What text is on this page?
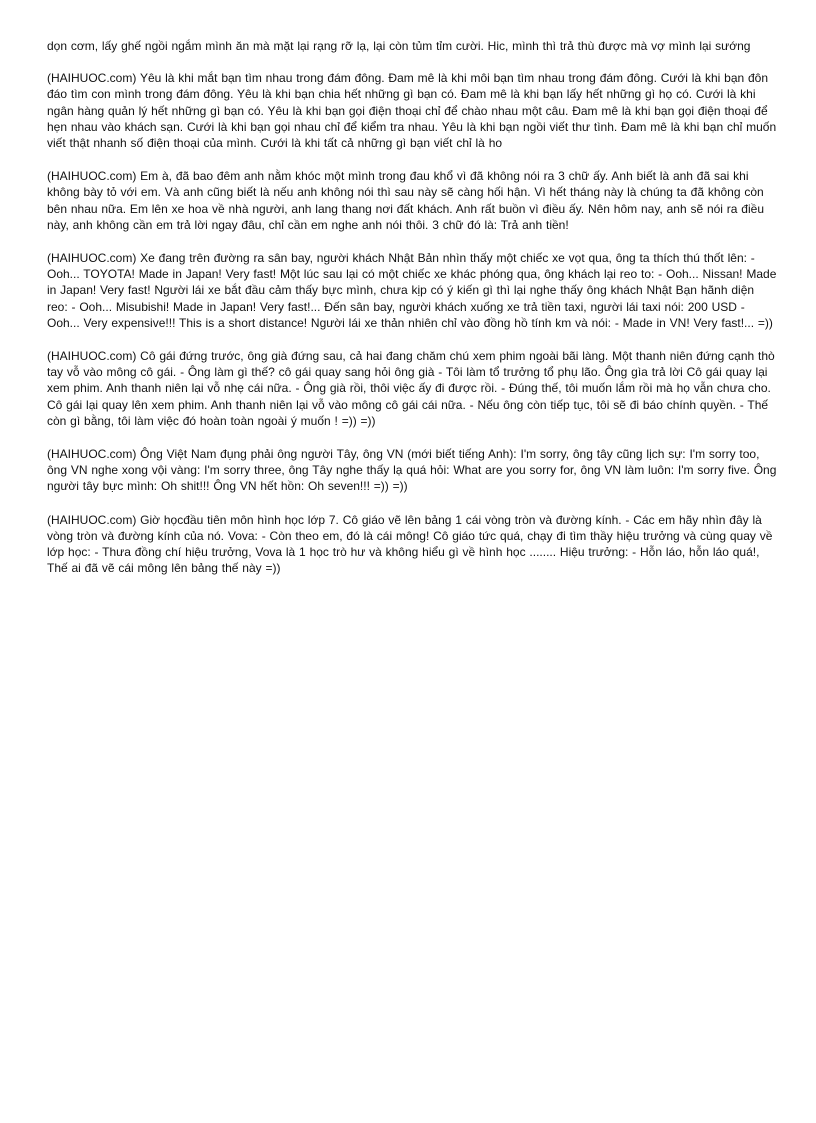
dọn cơm, lấy ghế ngồi ngắm mình ăn mà mặt lại rạng rỡ lạ, lại còn tủm tỉm cười. Hic, mình thì trả thù được mà vợ mình lại sướng

(HAIHUOC.com) Yêu là khi mắt bạn tìm nhau trong đám đông. Đam mê là khi môi bạn tìm nhau trong đám đông. Cưới là khi bạn đôn đáo tìm con mình trong đám đông. Yêu là khi bạn chia hết những gì bạn có. Đam mê là khi bạn lấy hết những gì họ có. Cưới là khi ngân hàng quản lý hết những gì bạn có. Yêu là khi bạn gọi điện thoại chỉ để chào nhau một câu. Đam mê là khi bạn gọi điện thoại để hẹn nhau vào khách sạn. Cưới là khi bạn gọi nhau chỉ để kiểm tra nhau. Yêu là khi bạn ngồi viết thư tình. Đam mê là khi bạn chỉ muốn viết thật nhanh số điện thoại của mình. Cưới là khi tất cả những gì bạn viết chỉ là ho

(HAIHUOC.com) Em à, đã bao đêm anh nằm khóc một mình trong đau khổ vì đã không nói ra 3 chữ ấy. Anh biết là anh đã sai khi không bày tỏ với em. Và anh cũng biết là nếu anh không nói thì sau này sẽ càng hối hận. Vì hết tháng này là chúng ta đã không còn bên nhau nữa. Em lên xe hoa về nhà người, anh lang thang nơi đất khách. Anh rất buồn vì điều ấy. Nên hôm nay, anh sẽ nói ra điều này, anh không cần em trả lời ngay đâu, chỉ cần em nghe anh nói thôi. 3 chữ đó là: Trả anh tiền!

(HAIHUOC.com) Xe đang trên đường ra sân bay, người khách Nhật Bản nhìn thấy một chiếc xe vọt qua, ông ta thích thú thốt lên: - Ooh... TOYOTA! Made in Japan! Very fast! Một lúc sau lại có một chiếc xe khác phóng qua, ông khách lại reo to: - Ooh... Nissan! Made in Japan! Very fast! Người lái xe bắt đầu cảm thấy bực mình, chưa kịp có ý kiến gì thì lại nghe thấy ông khách Nhật Bạn hãnh diện reo: - Ooh... Misubishi! Made in Japan! Very fast!... Đến sân bay, người khách xuống xe trả tiền taxi, người lái taxi nói: 200 USD - Ooh... Very expensive!!! This is a short distance! Người lái xe thản nhiên chỉ vào đồng hồ tính km và nói: - Made in VN! Very fast!... =))

(HAIHUOC.com) Cô gái đứng trước, ông già đứng sau, cả hai đang chăm chú xem phim ngoài bãi làng. Một thanh niên đứng cạnh thò tay vỗ vào mông cô gái. - Ông làm gì thế? cô gái quay sang hỏi ông già - Tôi làm tổ trưởng tổ phụ lão. Ông gìa trả lời Cô gái quay lại xem phim. Anh thanh niên lại vỗ nhẹ cái nữa. - Ông già rồi, thôi việc ấy đi được rồi. - Đúng thế, tôi muốn lắm rồi mà họ vẫn chưa cho. Cô gái lại quay lên xem phim. Anh thanh niên lại vỗ vào mông cô gái cái nữa. - Nếu ông còn tiếp tục, tôi sẽ đi báo chính quyền. - Thế còn gì bằng, tôi làm việc đó hoàn toàn ngoài ý muốn ! =)) =))

(HAIHUOC.com) Ông Việt Nam đụng phải ông người Tây, ông VN (mới biết tiếng Anh): I'm sorry, ông tây cũng lịch sự: I'm sorry too, ông VN nghe xong vội vàng: I'm sorry three, ông Tây nghe thấy lạ quá hỏi: What are you sorry for, ông VN làm luôn: I'm sorry five. Ông người tây bực mình: Oh shit!!! Ông VN hết hồn: Oh seven!!! =)) =))

(HAIHUOC.com) Giờ họcđầu tiên môn hình học lớp 7. Cô giáo vẽ lên bảng 1 cái vòng tròn và đường kính. - Các em hãy nhìn đây là vòng tròn và đường kính của nó. Vova: - Còn theo em, đó là cái mông! Cô giáo tức quá, chạy đi tìm thầy hiệu trưởng và cùng quay về lớp học: - Thưa đồng chí hiệu trưởng, Vova là 1 học trò hư và không hiểu gì về hình học ........ Hiệu trưởng: - Hỗn láo, hỗn láo quá!, Thế ai đã vẽ cái mông lên bảng thế này =))
